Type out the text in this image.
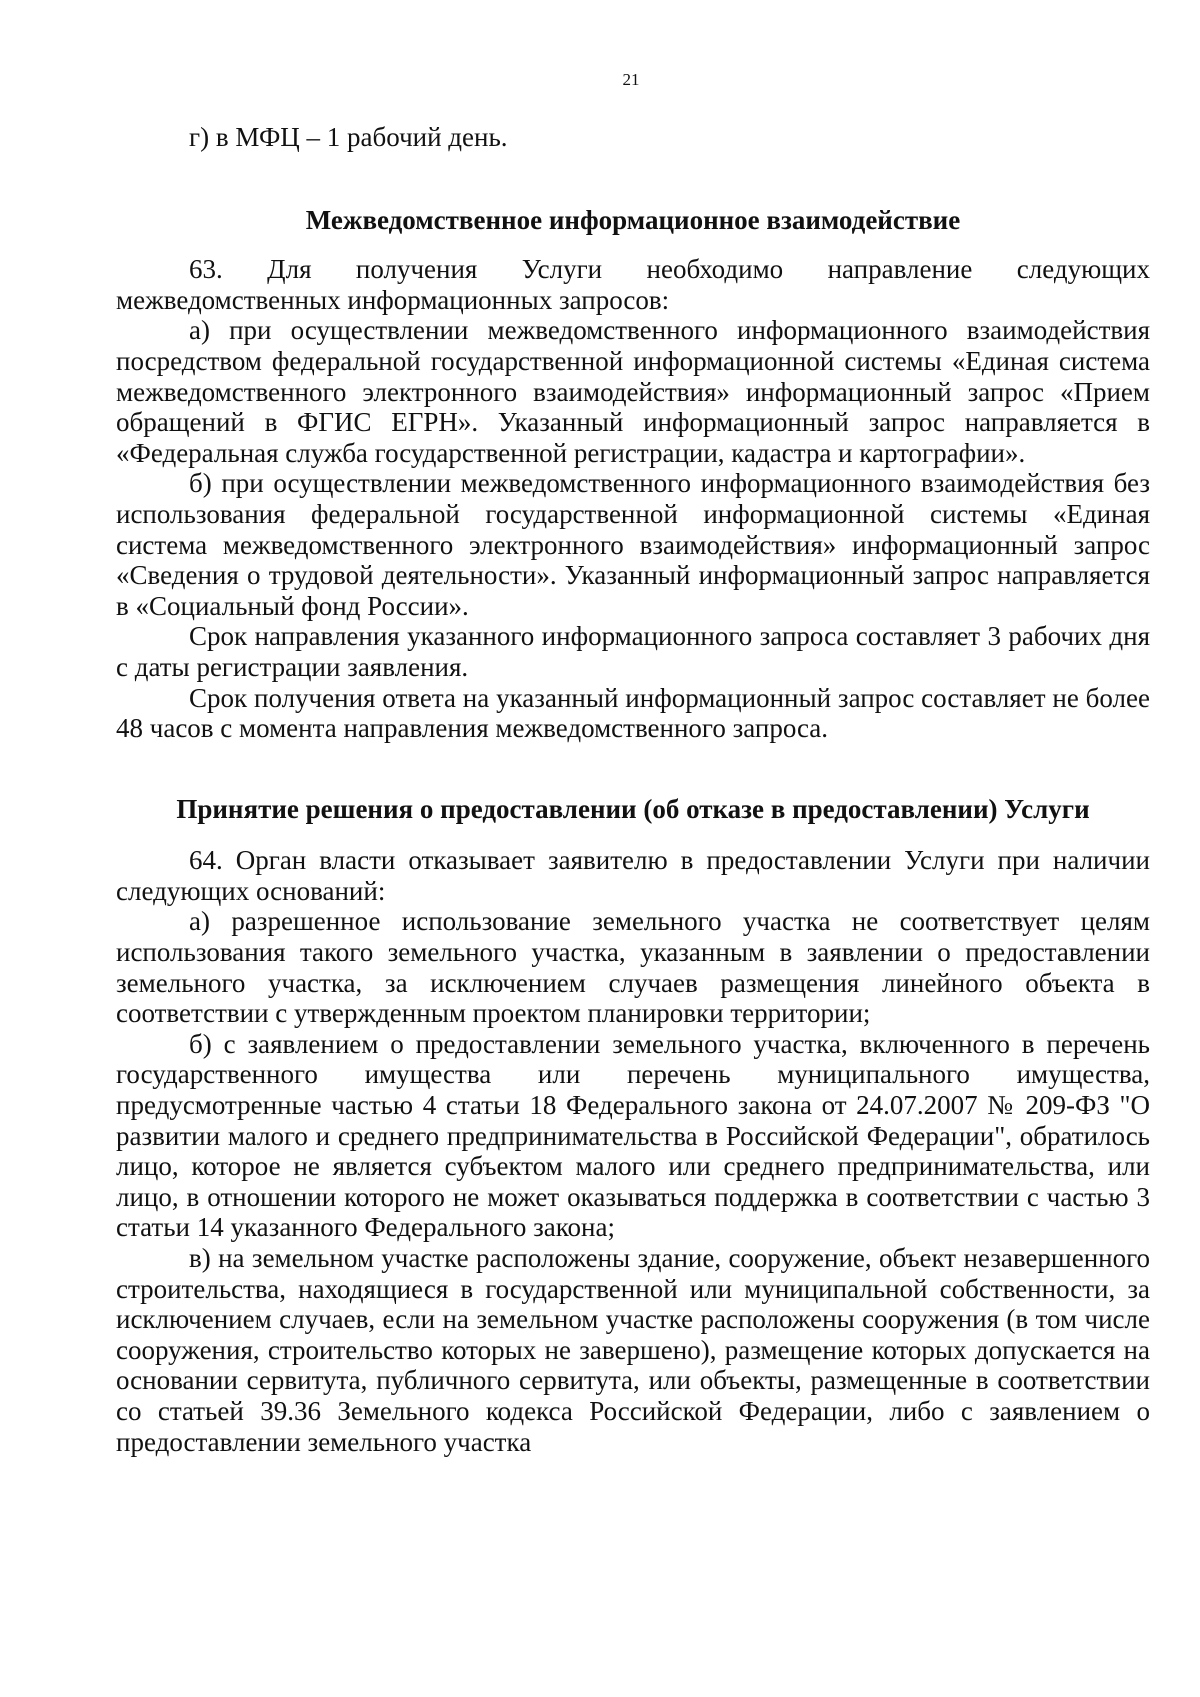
21

г) в МФЦ – 1 рабочий день.

Межведомственное информационное взаимодействие

63. Для получения Услуги необходимо направление следующих межведомственных информационных запросов:

а) при осуществлении межведомственного информационного взаимодействия посредством федеральной государственной информационной системы «Единая система межведомственного электронного взаимодействия» информационный запрос «Прием обращений в ФГИС ЕГРН». Указанный информационный запрос направляется в «Федеральная служба государственной регистрации, кадастра и картографии».

б) при осуществлении межведомственного информационного взаимодействия без использования федеральной государственной информационной системы «Единая система межведомственного электронного взаимодействия» информационный запрос «Сведения о трудовой деятельности». Указанный информационный запрос направляется в «Социальный фонд России».

Срок направления указанного информационного запроса составляет 3 рабочих дня с даты регистрации заявления.

Срок получения ответа на указанный информационный запрос составляет не более 48 часов с момента направления межведомственного запроса.

Принятие решения о предоставлении (об отказе в предоставлении) Услуги

64. Орган власти отказывает заявителю в предоставлении Услуги при наличии следующих оснований:

а) разрешенное использование земельного участка не соответствует целям использования такого земельного участка, указанным в заявлении о предоставлении земельного участка, за исключением случаев размещения линейного объекта в соответствии с утвержденным проектом планировки территории;

б) с заявлением о предоставлении земельного участка, включенного в перечень государственного имущества или перечень муниципального имущества, предусмотренные частью 4 статьи 18 Федерального закона от 24.07.2007 № 209-ФЗ "О развитии малого и среднего предпринимательства в Российской Федерации", обратилось лицо, которое не является субъектом малого или среднего предпринимательства, или лицо, в отношении которого не может оказываться поддержка в соответствии с частью 3 статьи 14 указанного Федерального закона;

в) на земельном участке расположены здание, сооружение, объект незавершенного строительства, находящиеся в государственной или муниципальной собственности, за исключением случаев, если на земельном участке расположены сооружения (в том числе сооружения, строительство которых не завершено), размещение которых допускается на основании сервитута, публичного сервитута, или объекты, размещенные в соответствии со статьей 39.36 Земельного кодекса Российской Федерации, либо с заявлением о предоставлении земельного участка
